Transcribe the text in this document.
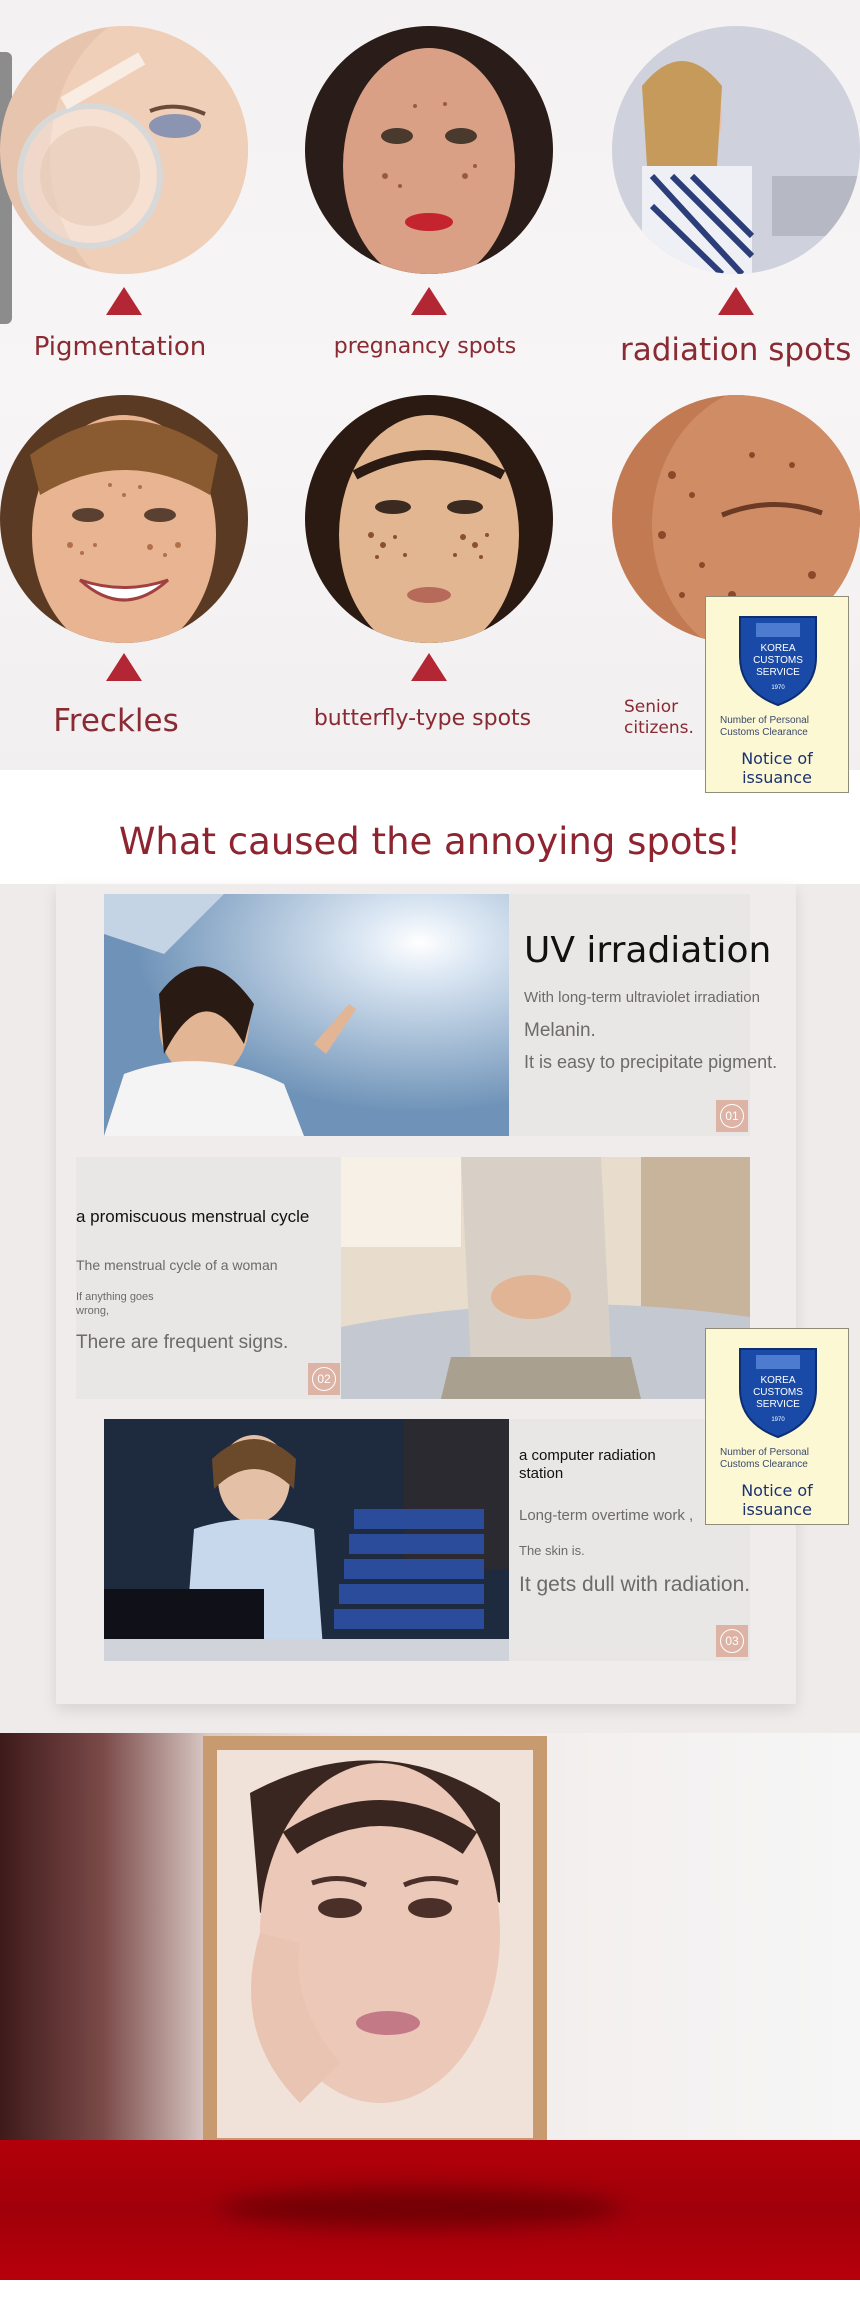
Pigmentation	pregnancy spots	radiation spots
Freckles	butterfly-type spots	Senior
citizens.
KOREA
CUSTOMS
SERVICE
1970
Number of Personal Customs Clearance
Notice of issuance
What caused the annoying spots!
UV irradiation
With long-term ultraviolet irradiation
Melanin.
It is easy to precipitate pigment.
01
a promiscuous menstrual cycle
The menstrual cycle of a woman
If anything goes
wrong,
There are frequent signs.
02
a computer radiation
station
Long-term overtime work ,
The skin is.
It gets dull with radiation.
03
KOREA
CUSTOMS
SERVICE
1970
Number of Personal Customs Clearance
Notice of issuance
